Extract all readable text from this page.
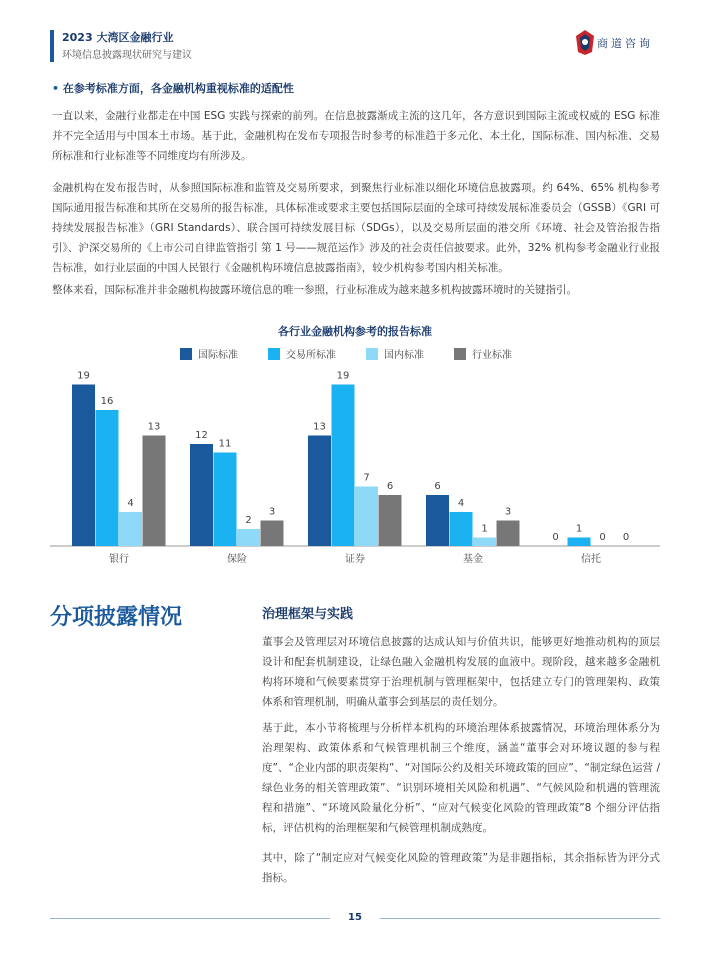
2023 大湾区金融行业
环境信息披露现状研究与建议
商道咨询
• 在参考标准方面，各金融机构重视标准的适配性

一直以来，金融行业都走在中国 ESG 实践与探索的前列。在信息披露渐成主流的这几年，各方意识到国际主流或权威的 ESG 标准并不完全适用与中国本土市场。基于此，金融机构在发布专项报告时参考的标准趋于多元化、本土化，国际标准、国内标准、交易所标准和行业标准等不同维度均有所涉及。

金融机构在发布报告时，从参照国际标准和监管及交易所要求，到聚焦行业标准以细化环境信息披露项。约 64%、65% 机构参考国际通用报告标准和其所在交易所的报告标准，具体标准或要求主要包括国际层面的全球可持续发展标准委员会（GSSB）《GRI 可持续发展报告标准》（GRI Standards）、联合国可持续发展目标（SDGs），以及交易所层面的港交所《环境、社会及管治报告指引》、沪深交易所的《上市公司自律监管指引 第 1 号——规范运作》涉及的社会责任信披要求。此外，32% 机构参考金融业行业报告标准，如行业层面的中国人民银行《金融机构环境信息披露指南》，较少机构参考国内相关标准。

整体来看，国际标准并非金融机构披露环境信息的唯一参照，行业标准成为越来越多机构披露环境时的关键指引。

各行业金融机构参考的报告标准
国际标准	交易所标准	国内标准	行业标准
19
16
4
13
银行
12
11
2
3
保险
13
19
7
6
证券
6
4
1
3
基金
0
1
0 0
信托
分项披露情况	治理框架与实践

董事会及管理层对环境信息披露的达成认知与价值共识，能够更好地推动机构的顶层设计和配套机制建设，让绿色融入金融机构发展的血液中。现阶段，越来越多金融机构将环境和气候要素贯穿于治理机制与管理框架中，包括建立专门的管理架构、政策体系和管理机制，明确从董事会到基层的责任划分。

基于此，本小节将梳理与分析样本机构的环境治理体系披露情况，环境治理体系分为治理架构、政策体系和气候管理机制三个维度，涵盖“董事会对环境议题的参与程度”、“企业内部的职责架构”、“对国际公约及相关环境政策的回应”、“制定绿色运营 / 绿色业务的相关管理政策”、“识别环境相关风险和机遇”、“气候风险和机遇的管理流程和措施”、“环境风险量化分析”、“应对气候变化风险的管理政策”8 个细分评估指标，评估机构的治理框架和气候管理机制成熟度。

其中，除了“制定应对气候变化风险的管理政策”为是非题指标，其余指标皆为评分式指标。

15
